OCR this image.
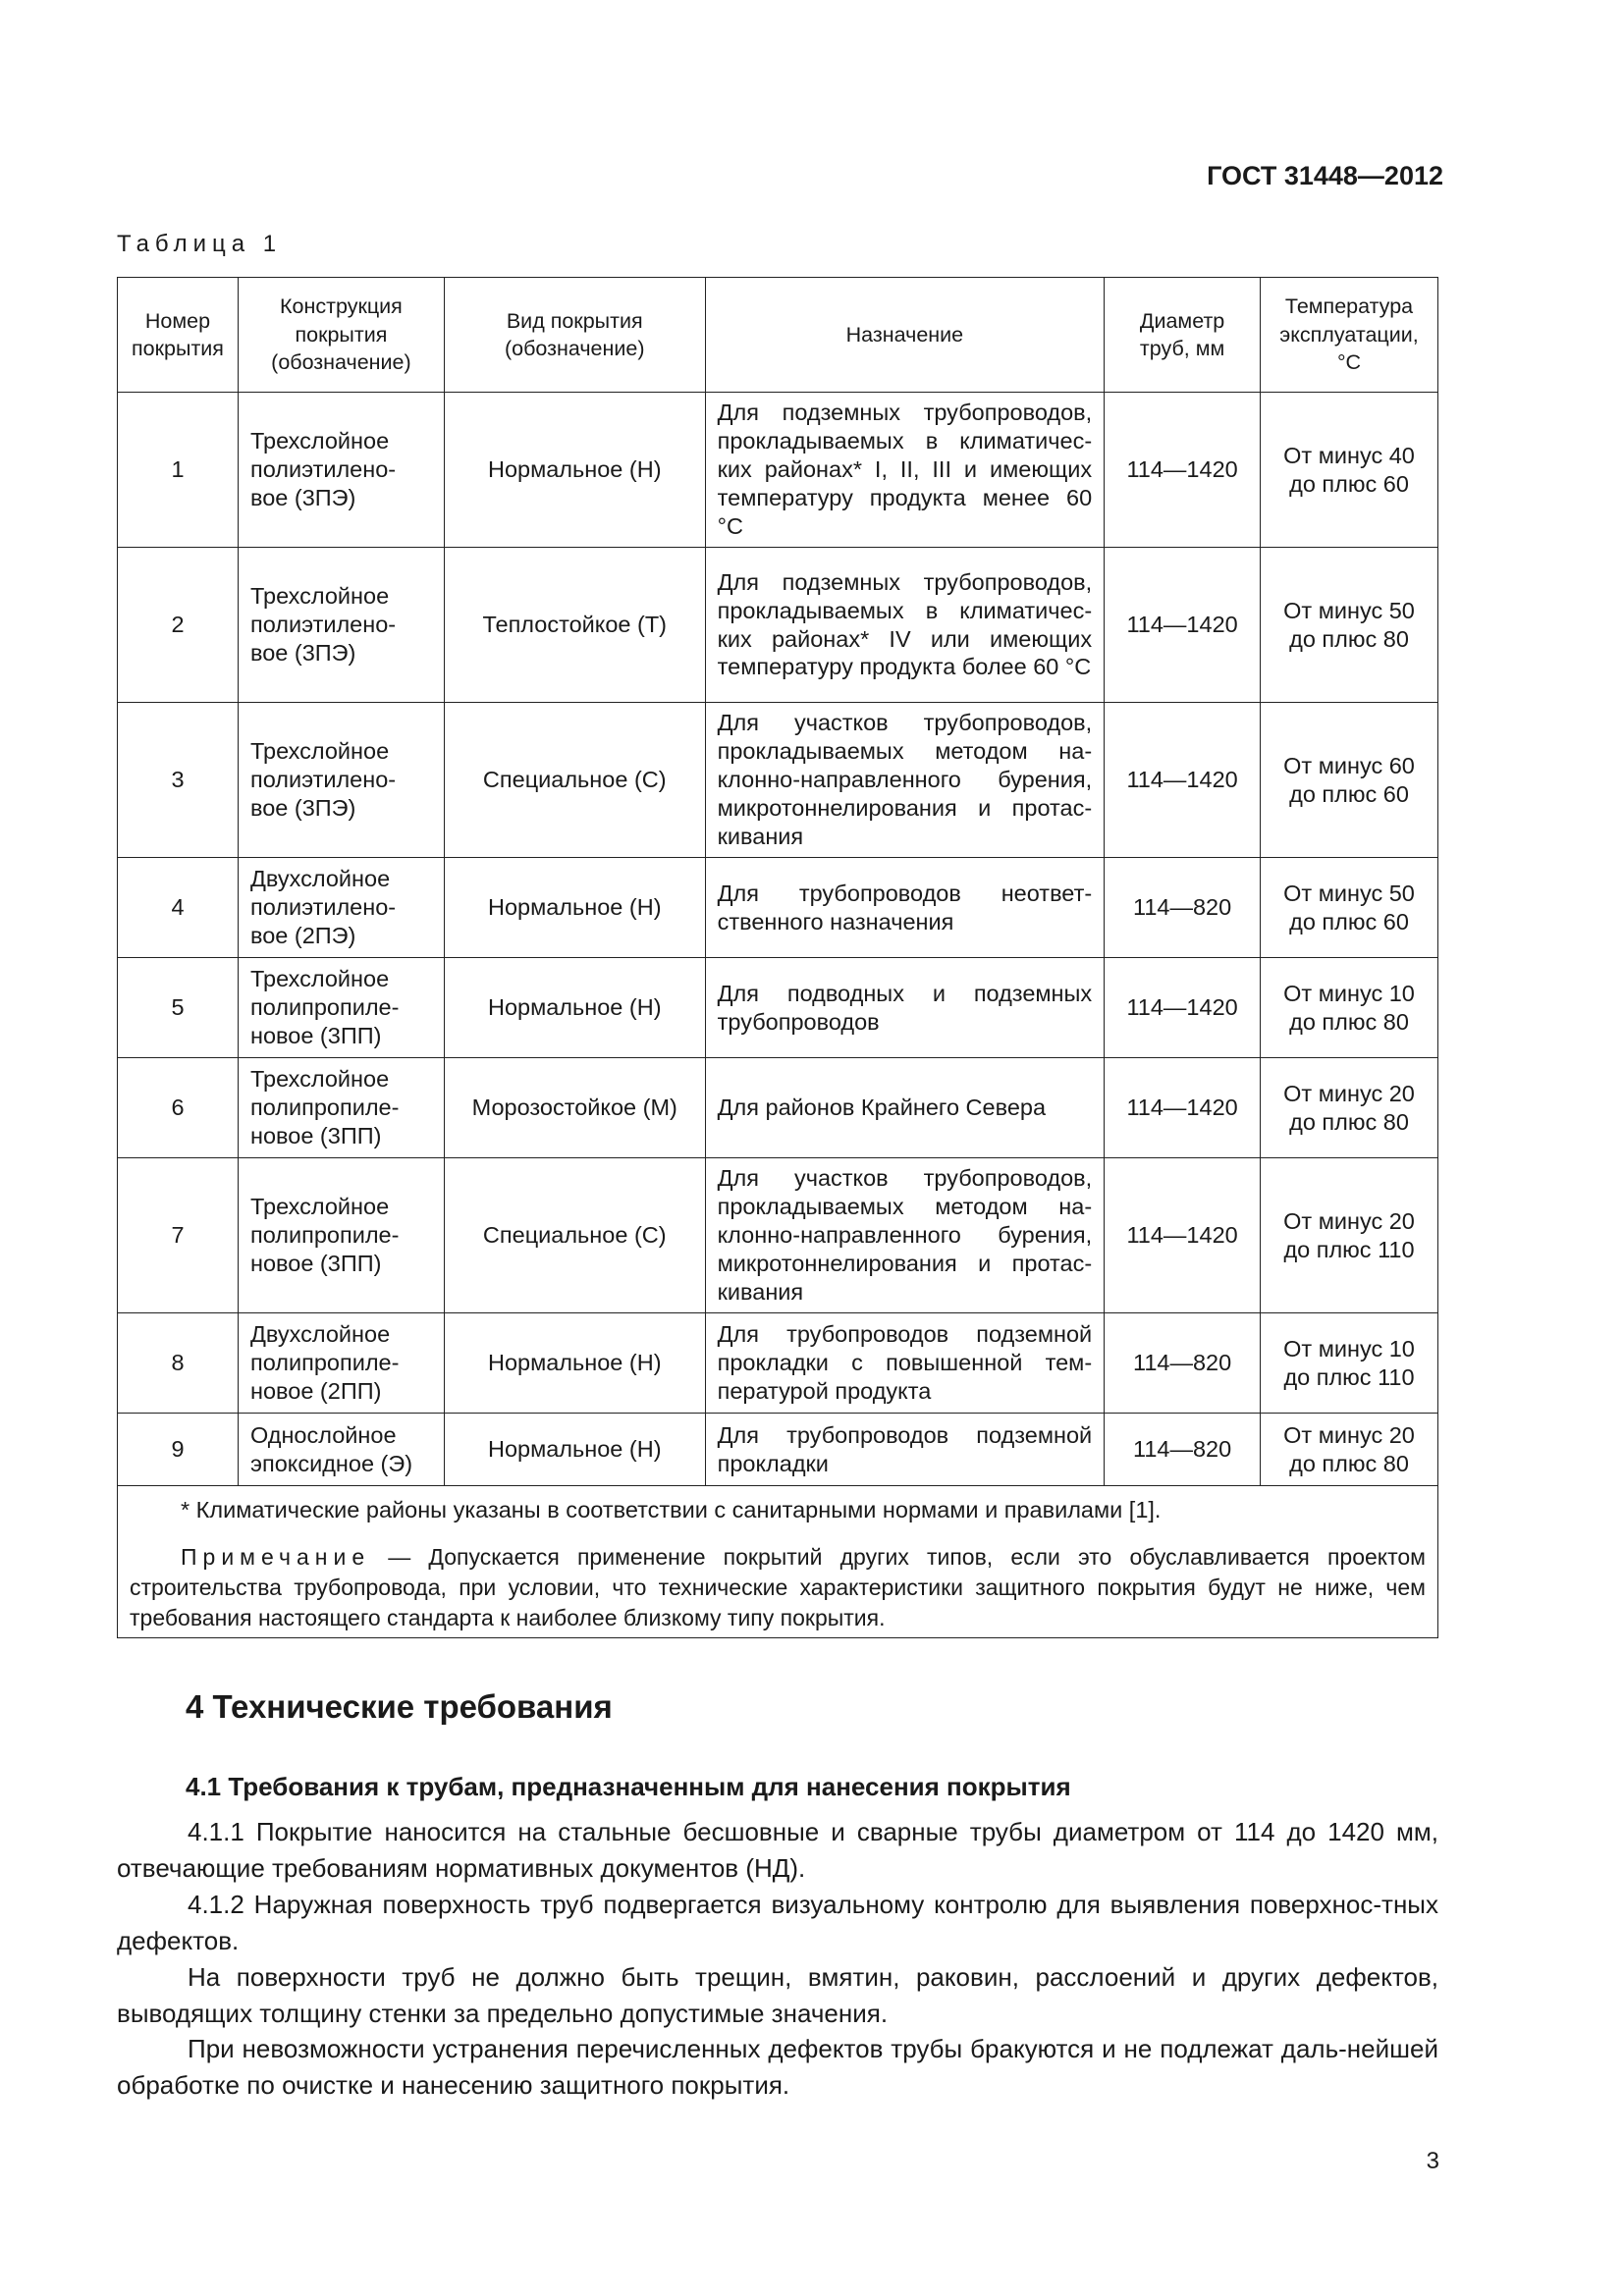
ГОСТ 31448—2012
Таблица 1
Номер покрытия	Конструкция покрытия (обозначение)	Вид покрытия (обозначение)	Назначение	Диаметр труб, мм	Температура эксплуатации, °С
1	Трехслойное полиэтилено-вое (3ПЭ)	Нормальное (Н)	Для подземных трубопроводов, прокладываемых в климатичес-ких районах* I, II, III и имеющих температуру продукта менее 60 °С	114—1420	От минус 40 до плюс 60
2	Трехслойное полиэтилено-вое (3ПЭ)	Теплостойкое (Т)	Для подземных трубопроводов, прокладываемых в климатичес-ких районах* IV или имеющих температуру продукта более 60 °С	114—1420	От минус 50 до плюс 80
3	Трехслойное полиэтилено-вое (3ПЭ)	Специальное (С)	Для участков трубопроводов, прокладываемых методом на-клонно-направленного бурения, микротоннелирования и протас-кивания	114—1420	От минус 60 до плюс 60
4	Двухслойное полиэтилено-вое (2ПЭ)	Нормальное (Н)	Для трубопроводов неответ-ственного назначения	114—820	От минус 50 до плюс 60
5	Трехслойное полипропиле-новое (3ПП)	Нормальное (Н)	Для подводных и подземных трубопроводов	114—1420	От минус 10 до плюс 80
6	Трехслойное полипропиле-новое (3ПП)	Морозостойкое (М)	Для районов Крайнего Севера	114—1420	От минус 20 до плюс 80
7	Трехслойное полипропиле-новое (3ПП)	Специальное (С)	Для участков трубопроводов, прокладываемых методом на-клонно-направленного бурения, микротоннелирования и протас-кивания	114—1420	От минус 20 до плюс 110
8	Двухслойное полипропиле-новое (2ПП)	Нормальное (Н)	Для трубопроводов подземной прокладки с повышенной тем-пературой продукта	114—820	От минус 10 до плюс 110
9	Однослойное эпоксидное (Э)	Нормальное (Н)	Для трубопроводов подземной прокладки	114—820	От минус 20 до плюс 80

* Климатические районы указаны в соответствии с санитарными нормами и правилами [1].

Примечание — Допускается применение покрытий других типов, если это обуславливается проектом строительства трубопровода, при условии, что технические характеристики защитного покрытия будут не ниже, чем требования настоящего стандарта к наиболее близкому типу покрытия.					

4 Технические требования
4.1 Требования к трубам, предназначенным для нанесения покрытия

4.1.1 Покрытие наносится на стальные бесшовные и сварные трубы диаметром от 114 до 1420 мм, отвечающие требованиям нормативных документов (НД).

4.1.2 Наружная поверхность труб подвергается визуальному контролю для выявления поверхнос-тных дефектов.

На поверхности труб не должно быть трещин, вмятин, раковин, расслоений и других дефектов, выводящих толщину стенки за предельно допустимые значения.

При невозможности устранения перечисленных дефектов трубы бракуются и не подлежат даль-нейшей обработке по очистке и нанесению защитного покрытия.

3
